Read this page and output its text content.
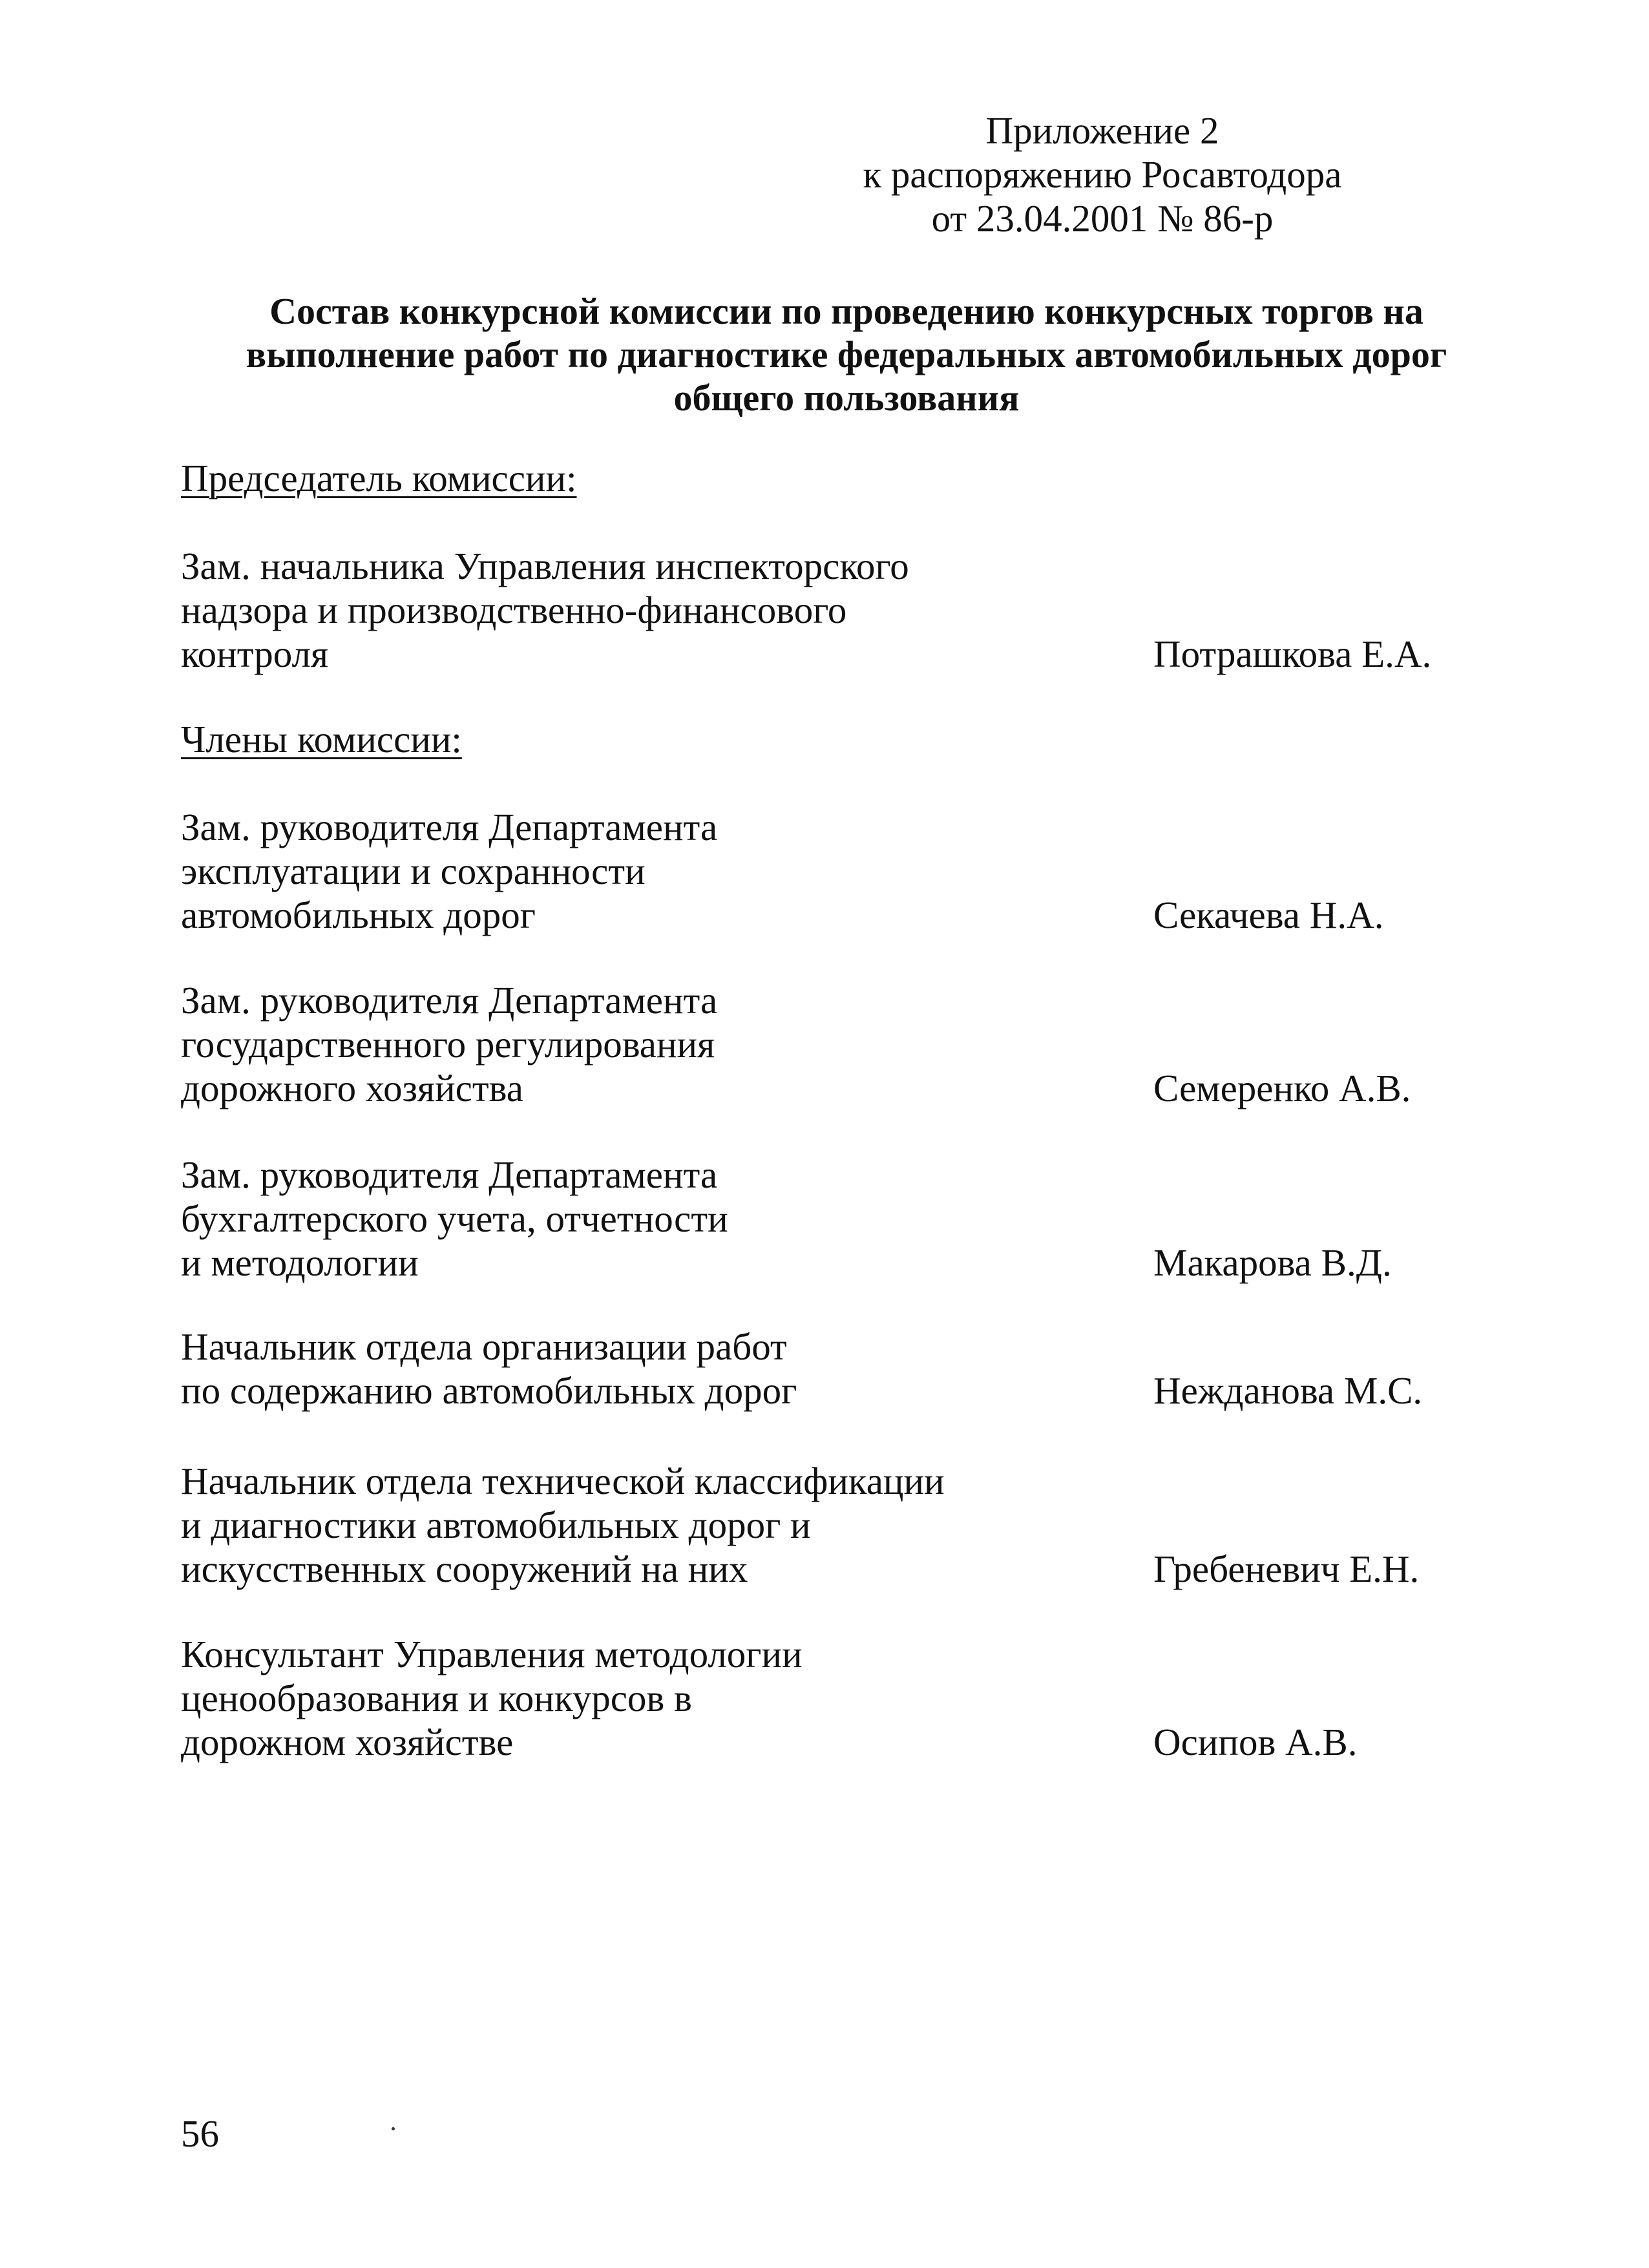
Приложение 2
к распоряжению Росавтодора
от 23.04.2001 № 86-р
Состав конкурсной комиссии по проведению конкурсных торгов на
выполнение работ по диагностике федеральных автомобильных дорог
общего пользования
Председатель комиссии:
Зам. начальника Управления инспекторского
надзора и производственно-финансового
контроля	Потрашкова Е.А.
Члены комиссии:
Зам. руководителя Департамента
эксплуатации и сохранности
автомобильных дорог	Секачева Н.А.
Зам. руководителя Департамента
государственного регулирования
дорожного хозяйства	Семеренко А.В.
Зам. руководителя Департамента
бухгалтерского учета, отчетности
и методологии	Макарова В.Д.
Начальник отдела организации работ
по содержанию автомобильных дорог	Нежданова М.С.
Начальник отдела технической классификации
и диагностики автомобильных дорог и
искусственных сооружений на них	Гребеневич Е.Н.
Консультант Управления методологии
ценообразования и конкурсов в
дорожном хозяйстве	Осипов А.В.
56
